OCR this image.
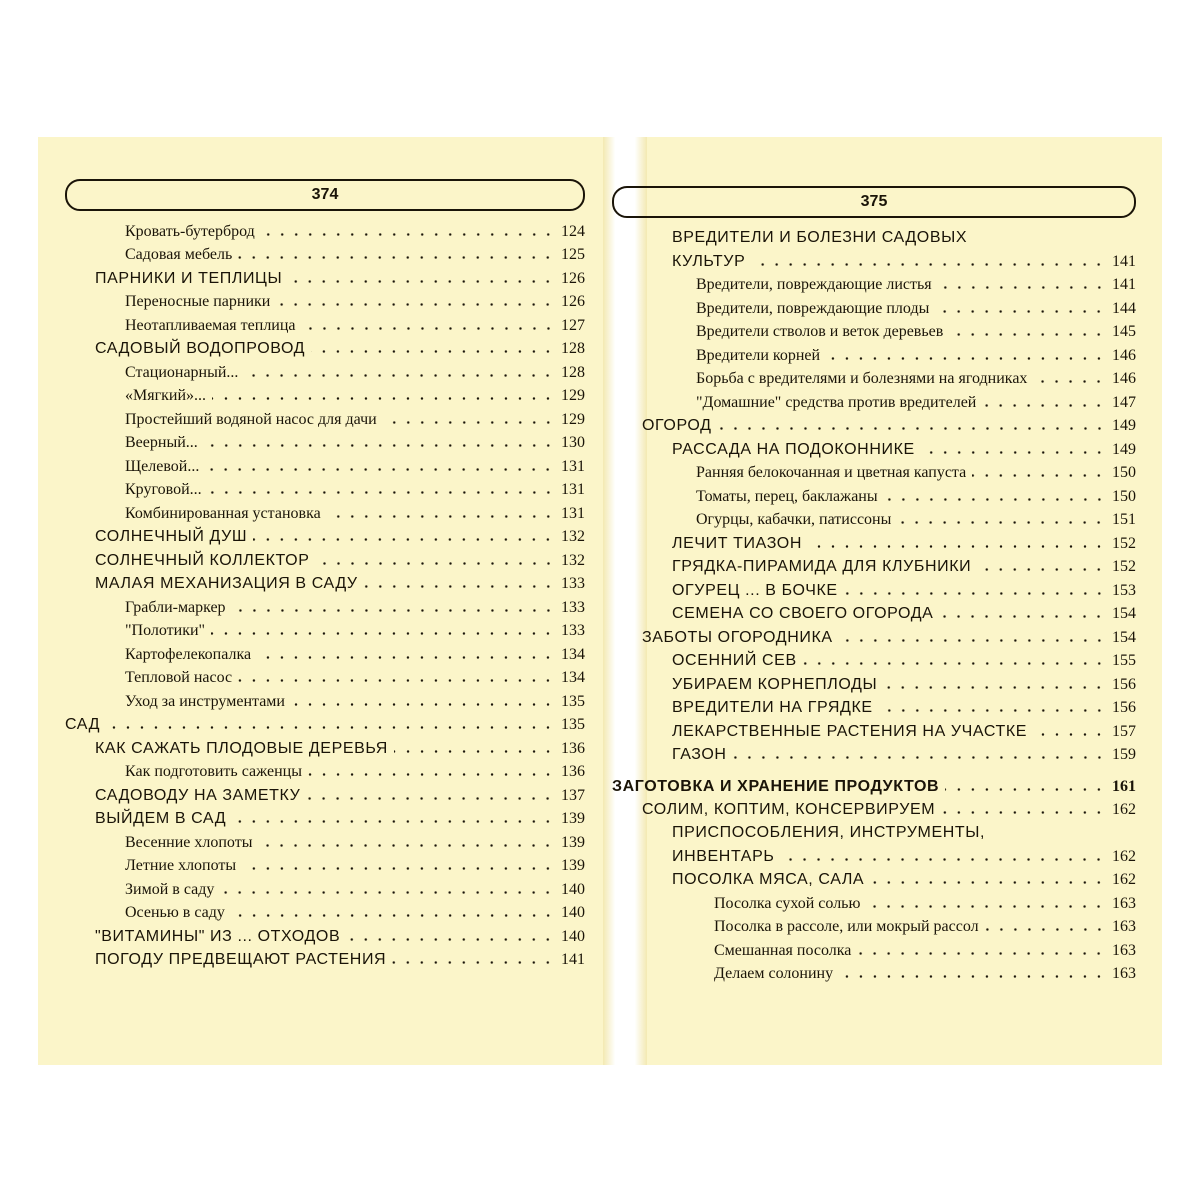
374
Кровать-бутерброд	124
Садовая мебель	125
ПАРНИКИ И ТЕПЛИЦЫ	126
Переносные парники	126
Неотапливаемая теплица	127
САДОВЫЙ ВОДОПРОВОД	128
Стационарный...	128
«Мягкий»...	129
Простейший водяной насос для дачи	129
Веерный...	130
Щелевой...	131
Круговой...	131
Комбинированная установка	131
СОЛНЕЧНЫЙ ДУШ	132
СОЛНЕЧНЫЙ КОЛЛЕКТОР	132
МАЛАЯ МЕХАНИЗАЦИЯ В САДУ	133
Грабли-маркер	133
"Полотики"	133
Картофелекопалка	134
Тепловой насос	134
Уход за инструментами	135
САД	135
КАК САЖАТЬ ПЛОДОВЫЕ ДЕРЕВЬЯ	136
Как подготовить саженцы	136
САДОВОДУ НА ЗАМЕТКУ	137
ВЫЙДЕМ В САД	139
Весенние хлопоты	139
Летние хлопоты	139
Зимой в саду	140
Осенью в саду	140
"ВИТАМИНЫ" ИЗ ... ОТХОДОВ	140
ПОГОДУ ПРЕДВЕЩАЮТ РАСТЕНИЯ	141
375
ВРЕДИТЕЛИ И БОЛЕЗНИ САДОВЫХ
КУЛЬТУР	141
Вредители, повреждающие листья	141
Вредители, повреждающие плоды	144
Вредители стволов и веток деревьев	145
Вредители корней	146
Борьба с вредителями и болезнями на ягодниках	146
"Домашние" средства против вредителей	147
ОГОРОД	149
РАССАДА НА ПОДОКОННИКЕ	149
Ранняя белокочанная и цветная капуста	150
Томаты, перец, баклажаны	150
Огурцы, кабачки, патиссоны	151
ЛЕЧИТ ТИАЗОН	152
ГРЯДКА-ПИРАМИДА ДЛЯ КЛУБНИКИ	152
ОГУРЕЦ ... В БОЧКЕ	153
СЕМЕНА СО СВОЕГО ОГОРОДА	154
ЗАБОТЫ ОГОРОДНИКА	154
ОСЕННИЙ СЕВ	155
УБИРАЕМ КОРНЕПЛОДЫ	156
ВРЕДИТЕЛИ НА ГРЯДКЕ	156
ЛЕКАРСТВЕННЫЕ РАСТЕНИЯ НА УЧАСТКЕ	157
ГАЗОН	159
ЗАГОТОВКА И ХРАНЕНИЕ ПРОДУКТОВ	161
СОЛИМ, КОПТИМ, КОНСЕРВИРУЕМ	162
ПРИСПОСОБЛЕНИЯ, ИНСТРУМЕНТЫ,
ИНВЕНТАРЬ	162
ПОСОЛКА МЯСА, САЛА	162
Посолка сухой солью	163
Посолка в рассоле, или мокрый рассол	163
Смешанная посолка	163
Делаем солонину	163
